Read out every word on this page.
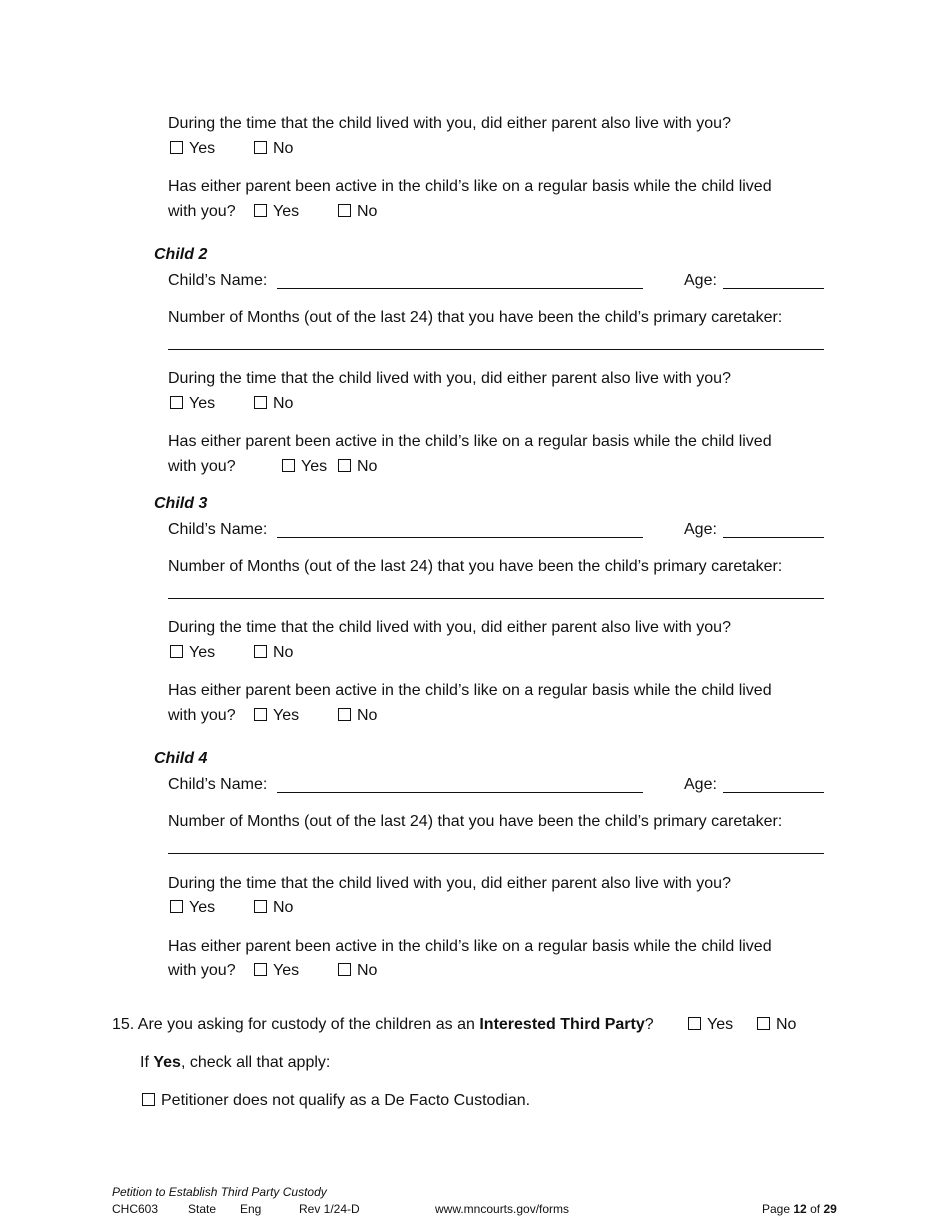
During the time that the child lived with you, did either parent also live with you?
Yes	No
Has either parent been active in the child’s like on a regular basis while the child lived
with you?	Yes	No
Child 2
Child’s Name:	Age:
Number of Months (out of the last 24) that you have been the child’s primary caretaker:
During the time that the child lived with you, did either parent also live with you?
Yes	No
Has either parent been active in the child’s like on a regular basis while the child lived
with you?	Yes	No
Child 3
Child’s Name:	Age:
Number of Months (out of the last 24) that you have been the child’s primary caretaker:
During the time that the child lived with you, did either parent also live with you?
Yes	No
Has either parent been active in the child’s like on a regular basis while the child lived
with you?	Yes	No
Child 4
Child’s Name:	Age:
Number of Months (out of the last 24) that you have been the child’s primary caretaker:
During the time that the child lived with you, did either parent also live with you?
Yes	No
Has either parent been active in the child’s like on a regular basis while the child lived
with you?	Yes	No
15. Are you asking for custody of the children as an Interested Third Party?	Yes	No
If Yes, check all that apply:
Petitioner does not qualify as a De Facto Custodian.
Petition to Establish Third Party Custody
CHC603 State Eng	Rev 1/24-D	www.mncourts.gov/forms	Page 12 of 29
